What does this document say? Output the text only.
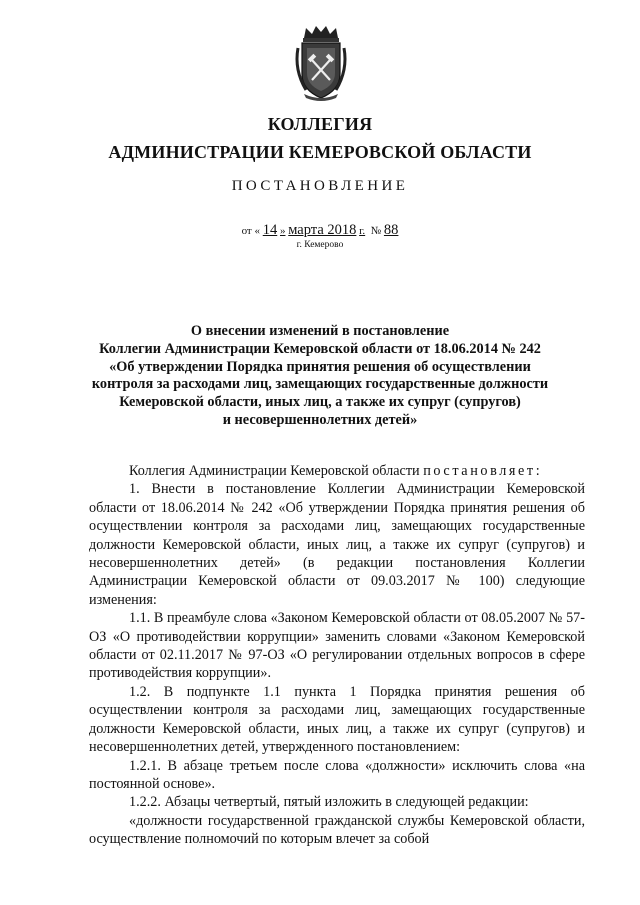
КОЛЛЕГИЯ
АДМИНИСТРАЦИИ КЕМЕРОВСКОЙ ОБЛАСТИ
ПОСТАНОВЛЕНИЕ
от « 14 » марта 2018 г. № 88
г. Кемерово
О внесении изменений в постановление
Коллегии Администрации Кемеровской области от 18.06.2014 № 242
«Об утверждении Порядка принятия решения об осуществлении
контроля за расходами лиц, замещающих государственные должности
Кемеровской области, иных лиц, а также их супруг (супругов)
и несовершеннолетних детей»

Коллегия Администрации Кемеровской области постановляет:

1. Внести в постановление Коллегии Администрации Кемеровской области от 18.06.2014 № 242 «Об утверждении Порядка принятия решения об осуществлении контроля за расходами лиц, замещающих государственные должности Кемеровской области, иных лиц, а также их супруг (супругов) и несовершеннолетних детей» (в редакции постановления Коллегии Администрации Кемеровской области от 09.03.2017 № 100) следующие изменения:

1.1. В преамбуле слова «Законом Кемеровской области от 08.05.2007 № 57-ОЗ «О противодействии коррупции» заменить словами «Законом Кемеровской области от 02.11.2017 № 97-ОЗ «О регулировании отдельных вопросов в сфере противодействия коррупции».

1.2. В подпункте 1.1 пункта 1 Порядка принятия решения об осуществлении контроля за расходами лиц, замещающих государственные должности Кемеровской области, иных лиц, а также их супруг (супругов) и несовершеннолетних детей, утвержденного постановлением:

1.2.1. В абзаце третьем после слова «должности» исключить слова «на постоянной основе».

1.2.2. Абзацы четвертый, пятый изложить в следующей редакции:

«должности государственной гражданской службы Кемеровской области, осуществление полномочий по которым влечет за собой
